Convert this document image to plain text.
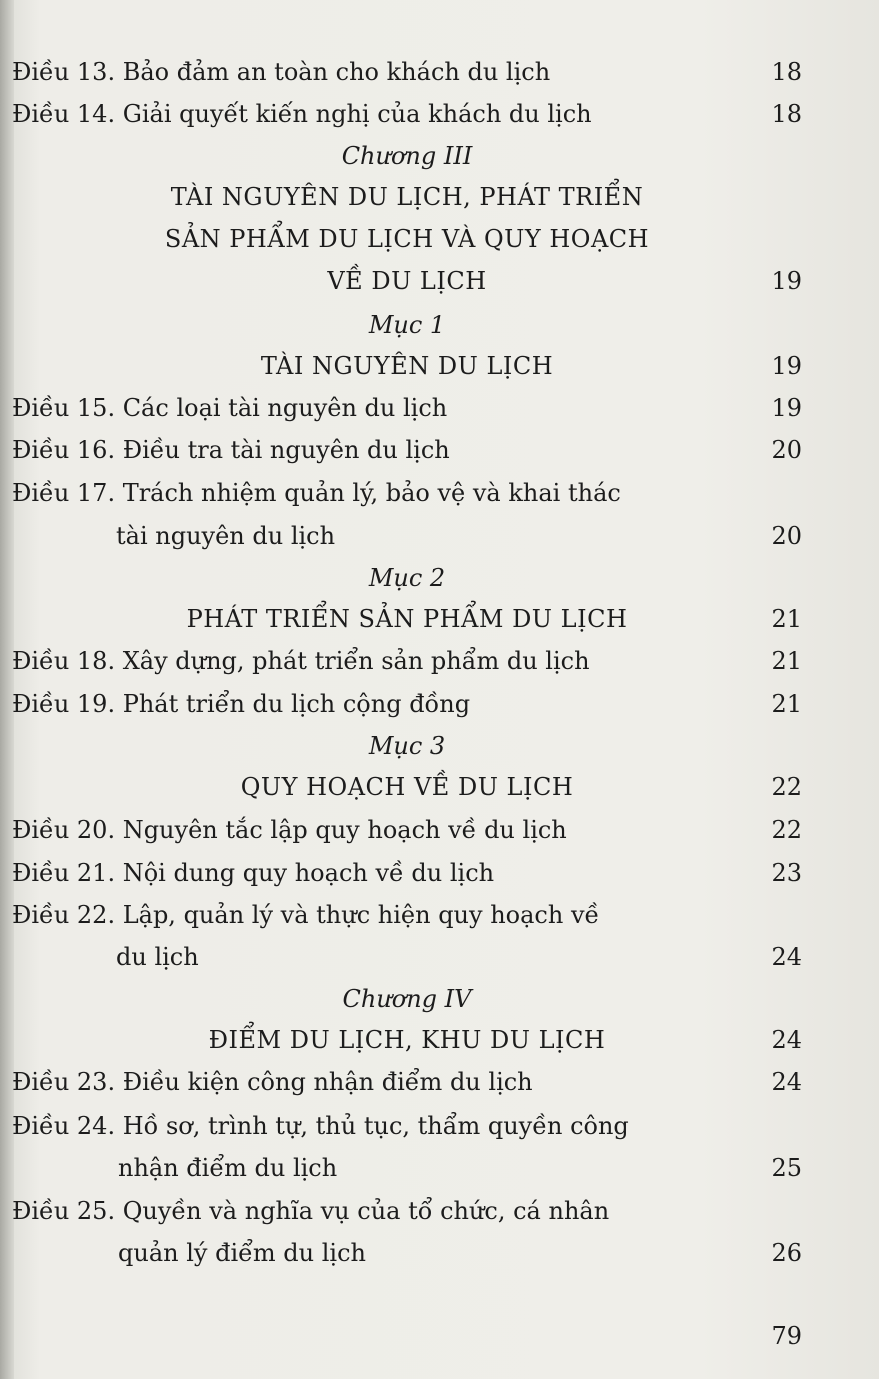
Điều 13. Bảo đảm an toàn cho khách du lịch	18
Điều 14. Giải quyết kiến nghị của khách du lịch	18
Chương III
TÀI NGUYÊN DU LỊCH, PHÁT TRIỂN
SẢN PHẨM DU LỊCH VÀ QUY HOẠCH
VỀ DU LỊCH	19
Mục 1
TÀI NGUYÊN DU LỊCH	19
Điều 15. Các loại tài nguyên du lịch	19
Điều 16. Điều tra tài nguyên du lịch	20
Điều 17. Trách nhiệm quản lý, bảo vệ và khai thác
tài nguyên du lịch	20
Mục 2
PHÁT TRIỂN SẢN PHẨM DU LỊCH	21
Điều 18. Xây dựng, phát triển sản phẩm du lịch	21
Điều 19. Phát triển du lịch cộng đồng	21
Mục 3
QUY HOẠCH VỀ DU LỊCH	22
Điều 20. Nguyên tắc lập quy hoạch về du lịch	22
Điều 21. Nội dung quy hoạch về du lịch	23
Điều 22. Lập, quản lý và thực hiện quy hoạch về
du lịch	24
Chương IV
ĐIỂM DU LỊCH, KHU DU LỊCH	24
Điều 23. Điều kiện công nhận điểm du lịch	24
Điều 24. Hồ sơ, trình tự, thủ tục, thẩm quyền công
nhận điểm du lịch	25
Điều 25. Quyền và nghĩa vụ của tổ chức, cá nhân
quản lý điểm du lịch	26
79
